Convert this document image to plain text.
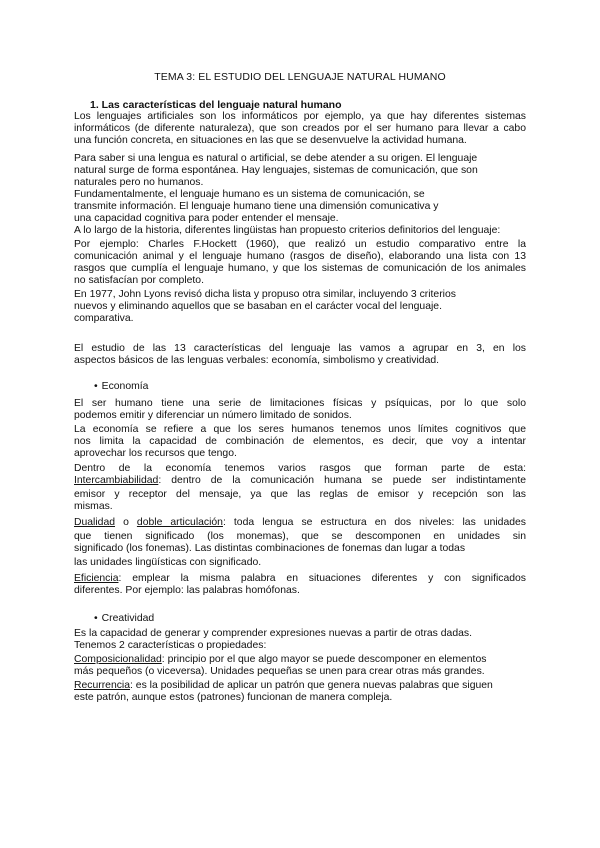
TEMA 3: EL ESTUDIO DEL LENGUAJE NATURAL HUMANO
1. Las características del lenguaje natural humano
Los lenguajes artificiales son los informáticos por ejemplo, ya que hay diferentes sistemas
informáticos (de diferente naturaleza), que son creados por el ser humano para llevar a cabo
una función concreta, en situaciones en las que se desenvuelve la actividad humana.
Para saber si una lengua es natural o artificial, se debe atender a su origen. El lenguaje
natural surge de forma espontánea. Hay lenguajes, sistemas de comunicación, que son
naturales pero no humanos.
Fundamentalmente, el lenguaje humano es un sistema de comunicación, se
transmite información. El lenguaje humano tiene una dimensión comunicativa y
una capacidad cognitiva para poder entender el mensaje.
A lo largo de la historia, diferentes lingüistas han propuesto criterios definitorios del lenguaje:
Por ejemplo: Charles F.Hockett (1960), que realizó un estudio comparativo entre la
comunicación animal y el lenguaje humano (rasgos de diseño), elaborando una lista con 13
rasgos que cumplía el lenguaje humano, y que los sistemas de comunicación de los animales
no satisfacían por completo.
En 1977, John Lyons revisó dicha lista y propuso otra similar, incluyendo 3 criterios
nuevos y eliminando aquellos que se basaban en el carácter vocal del lenguaje.
comparativa.
El estudio de las 13 características del lenguaje las vamos a agrupar en 3, en los
aspectos básicos de las lenguas verbales: economía, simbolismo y creatividad.
• Economía
El ser humano tiene una serie de limitaciones físicas y psíquicas, por lo que solo
podemos emitir y diferenciar un número limitado de sonidos.
La economía se refiere a que los seres humanos tenemos unos límites cognitivos que
nos limita la capacidad de combinación de elementos, es decir, que voy a intentar
aprovechar los recursos que tengo.
Dentro de la economía tenemos varios rasgos que forman parte de esta:
Intercambiabilidad: dentro de la comunicación humana se puede ser indistintamente
emisor y receptor del mensaje, ya que las reglas de emisor y recepción son las
mismas.
Dualidad o doble articulación: toda lengua se estructura en dos niveles: las unidades
que tienen significado (los monemas), que se descomponen en unidades sin
significado (los fonemas). Las distintas combinaciones de fonemas dan lugar a todas
las unidades lingüísticas con significado.
Eficiencia: emplear la misma palabra en situaciones diferentes y con significados
diferentes. Por ejemplo: las palabras homófonas.
• Creatividad
Es la capacidad de generar y comprender expresiones nuevas a partir de otras dadas.
Tenemos 2 características o propiedades:
Composicionalidad: principio por el que algo mayor se puede descomponer en elementos
más pequeños (o viceversa). Unidades pequeñas se unen para crear otras más grandes.
Recurrencia: es la posibilidad de aplicar un patrón que genera nuevas palabras que siguen
este patrón, aunque estos (patrones) funcionan de manera compleja.
